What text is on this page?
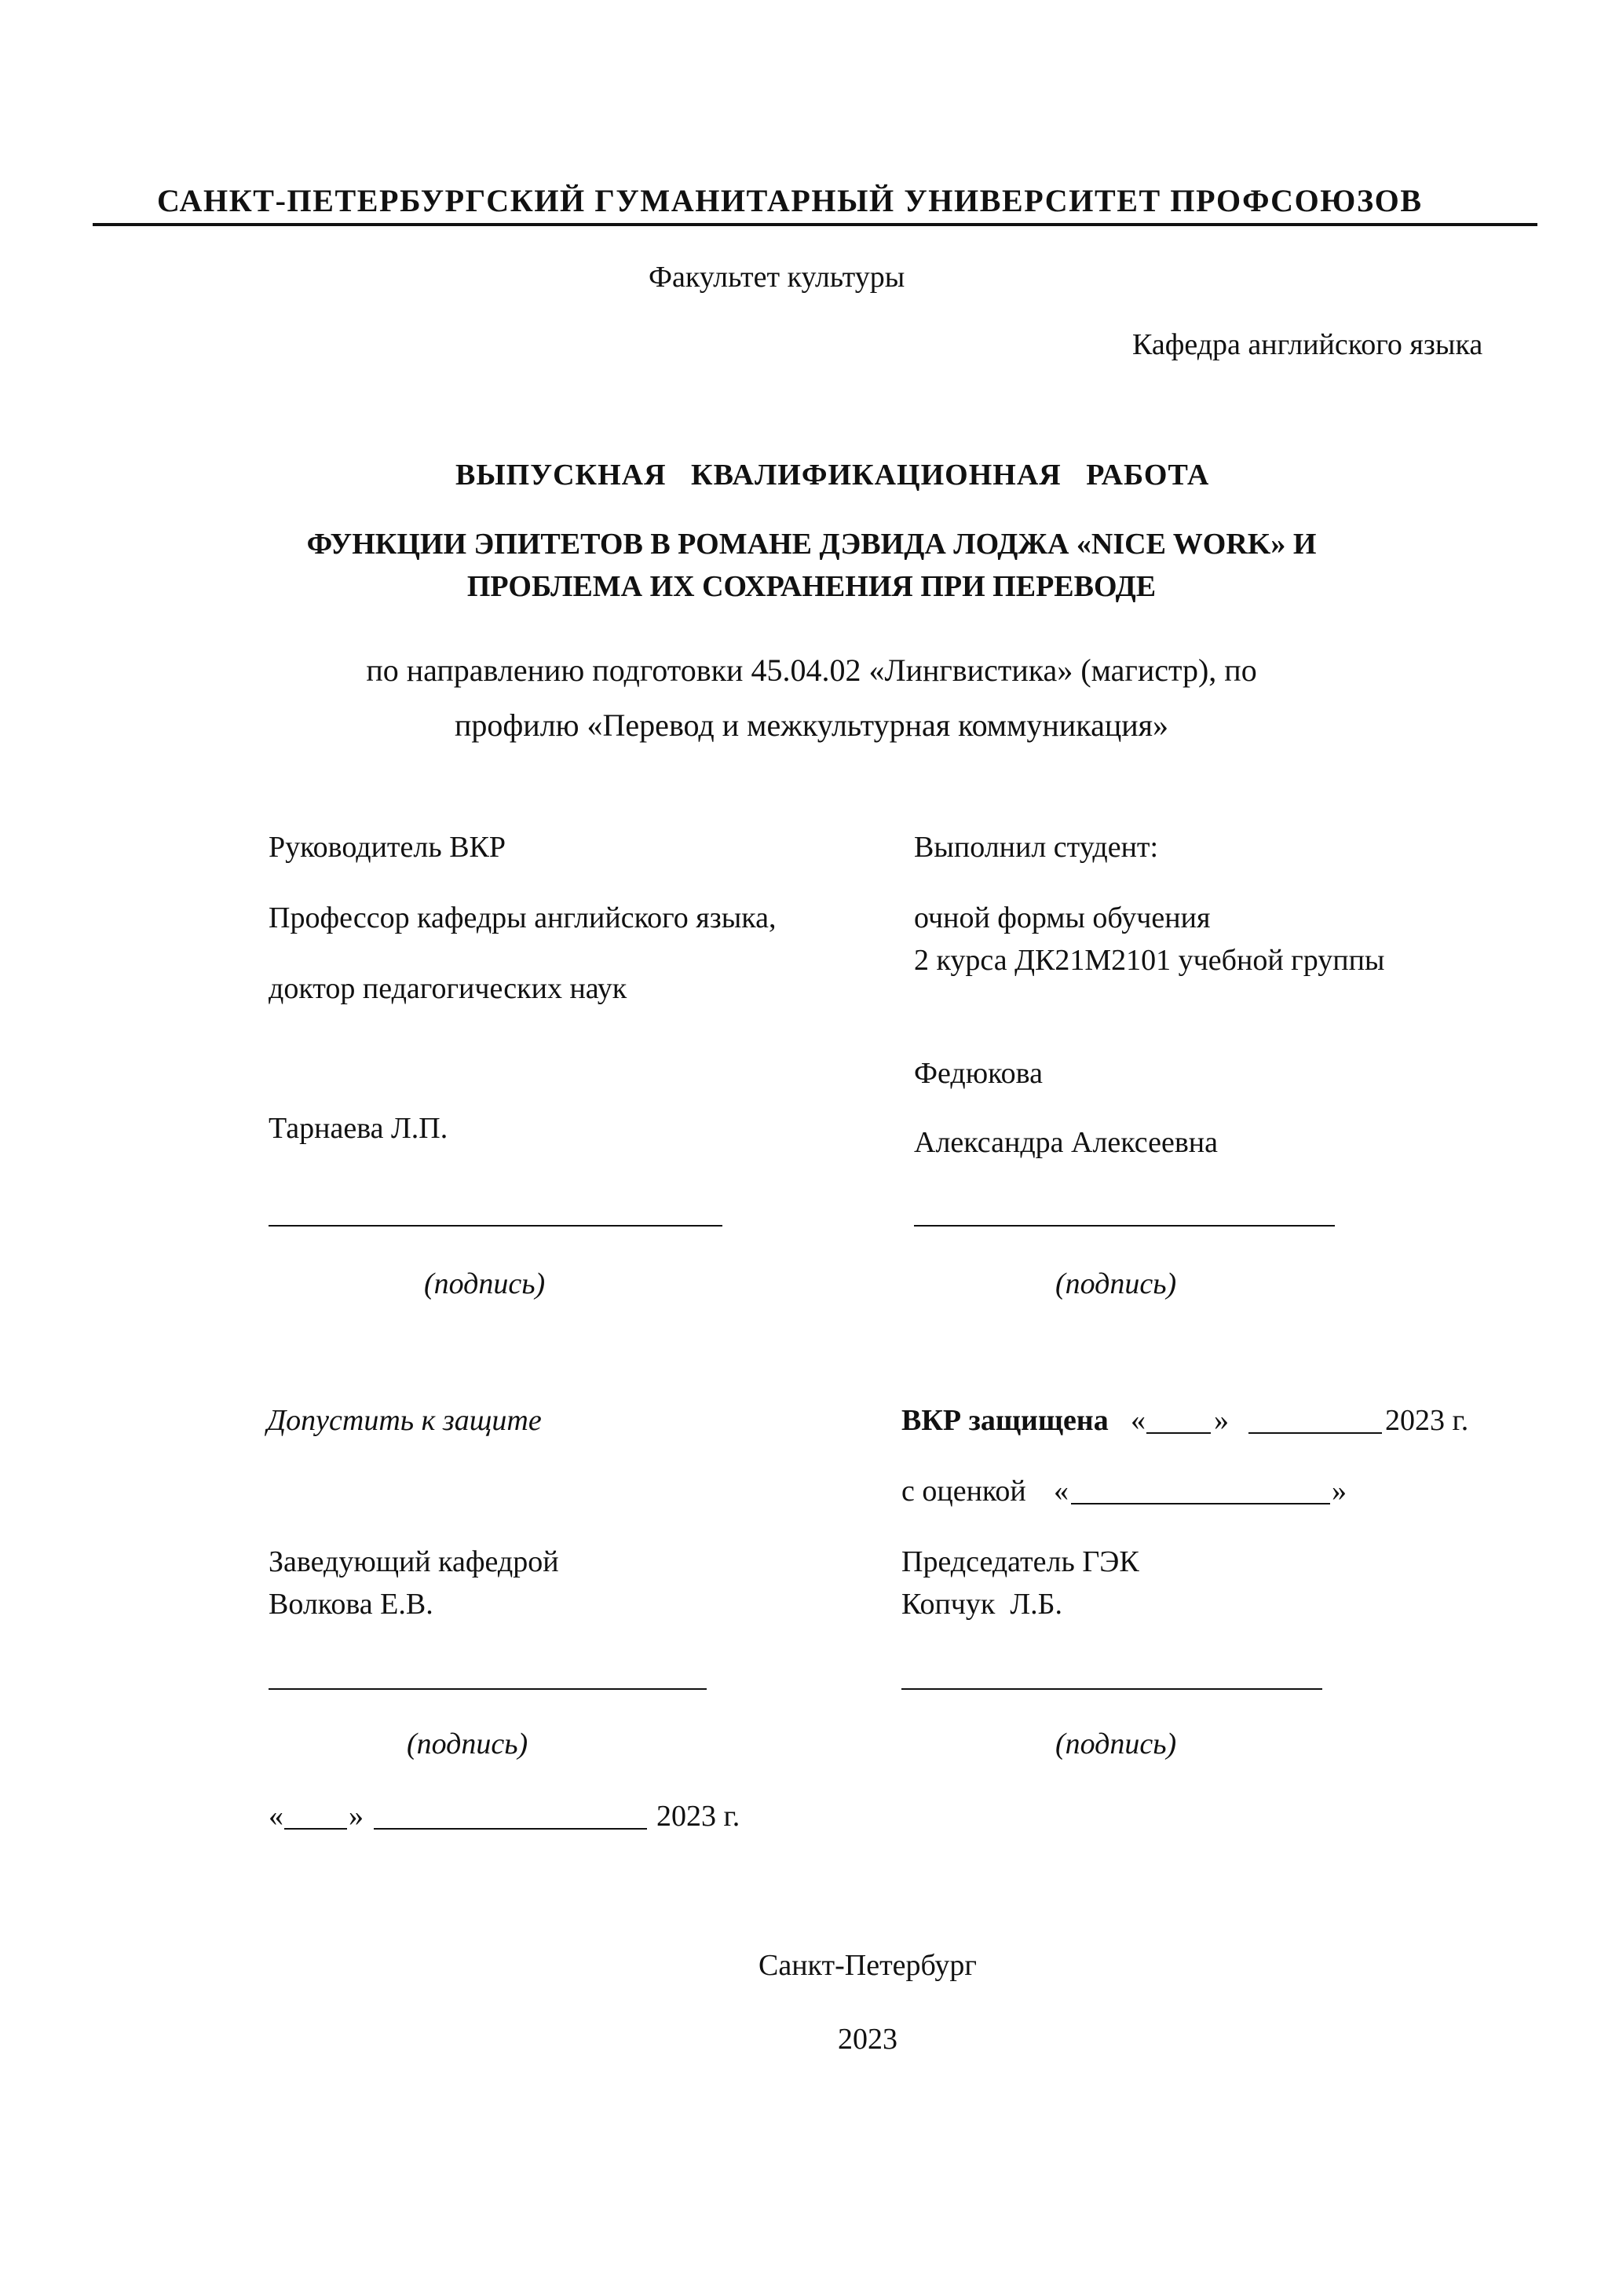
САНКТ-ПЕТЕРБУРГСКИЙ ГУМАНИТАРНЫЙ УНИВЕРСИТЕТ ПРОФСОЮЗОВ
Факультет культуры
Кафедра английского языка
ВЫПУСКНАЯ   КВАЛИФИКАЦИОННАЯ   РАБОТА
ФУНКЦИИ ЭПИТЕТОВ В РОМАНЕ ДЭВИДА ЛОДЖА «NICE WORK» И
ПРОБЛЕМА ИХ СОХРАНЕНИЯ ПРИ ПЕРЕВОДЕ
по направлению подготовки 45.04.02 «Лингвистика» (магистр), по
профилю «Перевод и межкультурная коммуникация»
Руководитель ВКР
Профессор кафедры английского языка,
доктор педагогических наук
Тарнаева Л.П.
(подпись)
Выполнил студент:
очной формы обучения
2 курса ДК21М2101 учебной группы
Федюкова
Александра Алексеевна
(подпись)
Допустить к защите
Заведующий кафедрой
Волкова Е.В.
(подпись)
« »	2023 г.
ВКР защищена « »	2023 г.
с оценкой «	»
Председатель ГЭК
Копчук  Л.Б.
(подпись)
Санкт-Петербург
2023
